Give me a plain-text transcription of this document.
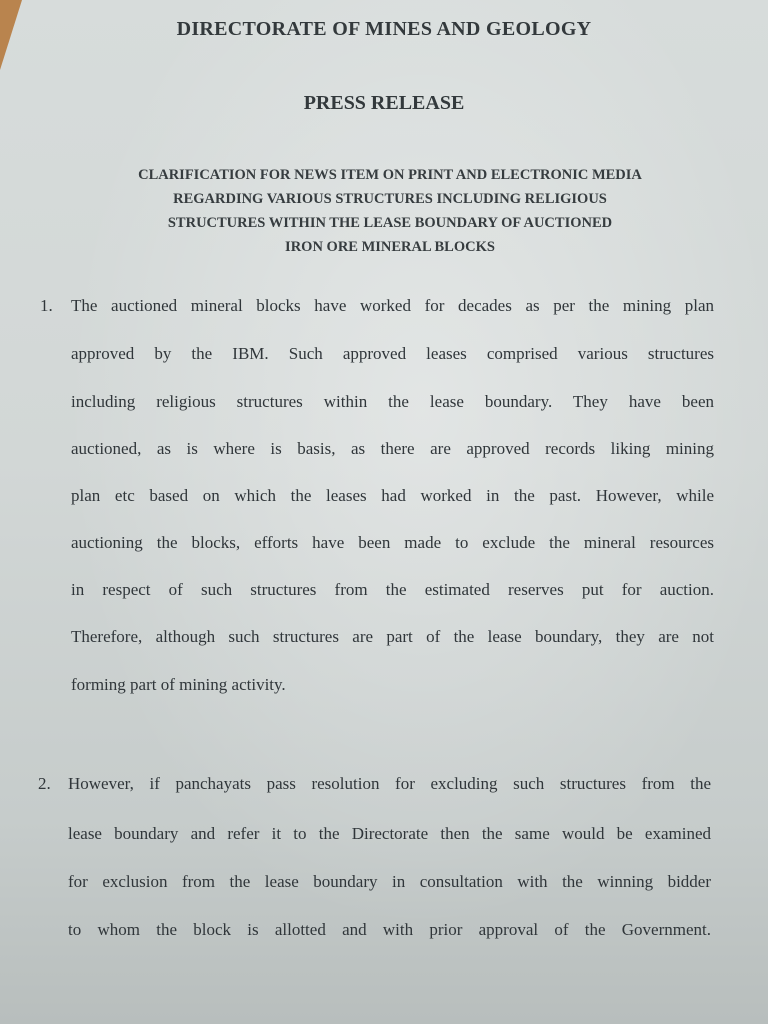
DIRECTORATE OF MINES AND GEOLOGY
PRESS RELEASE
CLARIFICATION FOR NEWS ITEM ON PRINT AND ELECTRONIC MEDIA
REGARDING VARIOUS STRUCTURES INCLUDING RELIGIOUS
STRUCTURES WITHIN THE LEASE BOUNDARY OF AUCTIONED
IRON ORE MINERAL BLOCKS
1.	The auctioned mineral blocks have worked for decades as per the mining plan
approved by the IBM. Such approved leases comprised various structures
including religious structures within the lease boundary. They have been
auctioned, as is where is basis, as there are approved records liking mining
plan etc based on which the leases had worked in the past. However, while
auctioning the blocks, efforts have been made to exclude the mineral resources
in respect of such structures from the estimated reserves put for auction.
Therefore, although such structures are part of the lease boundary, they are not
forming part of mining activity.
2.	However, if panchayats pass resolution for excluding such structures from the
lease boundary and refer it to the Directorate then the same would be examined
for exclusion from the lease boundary in consultation with the winning bidder
to whom the block is allotted and with prior approval of the Government.
